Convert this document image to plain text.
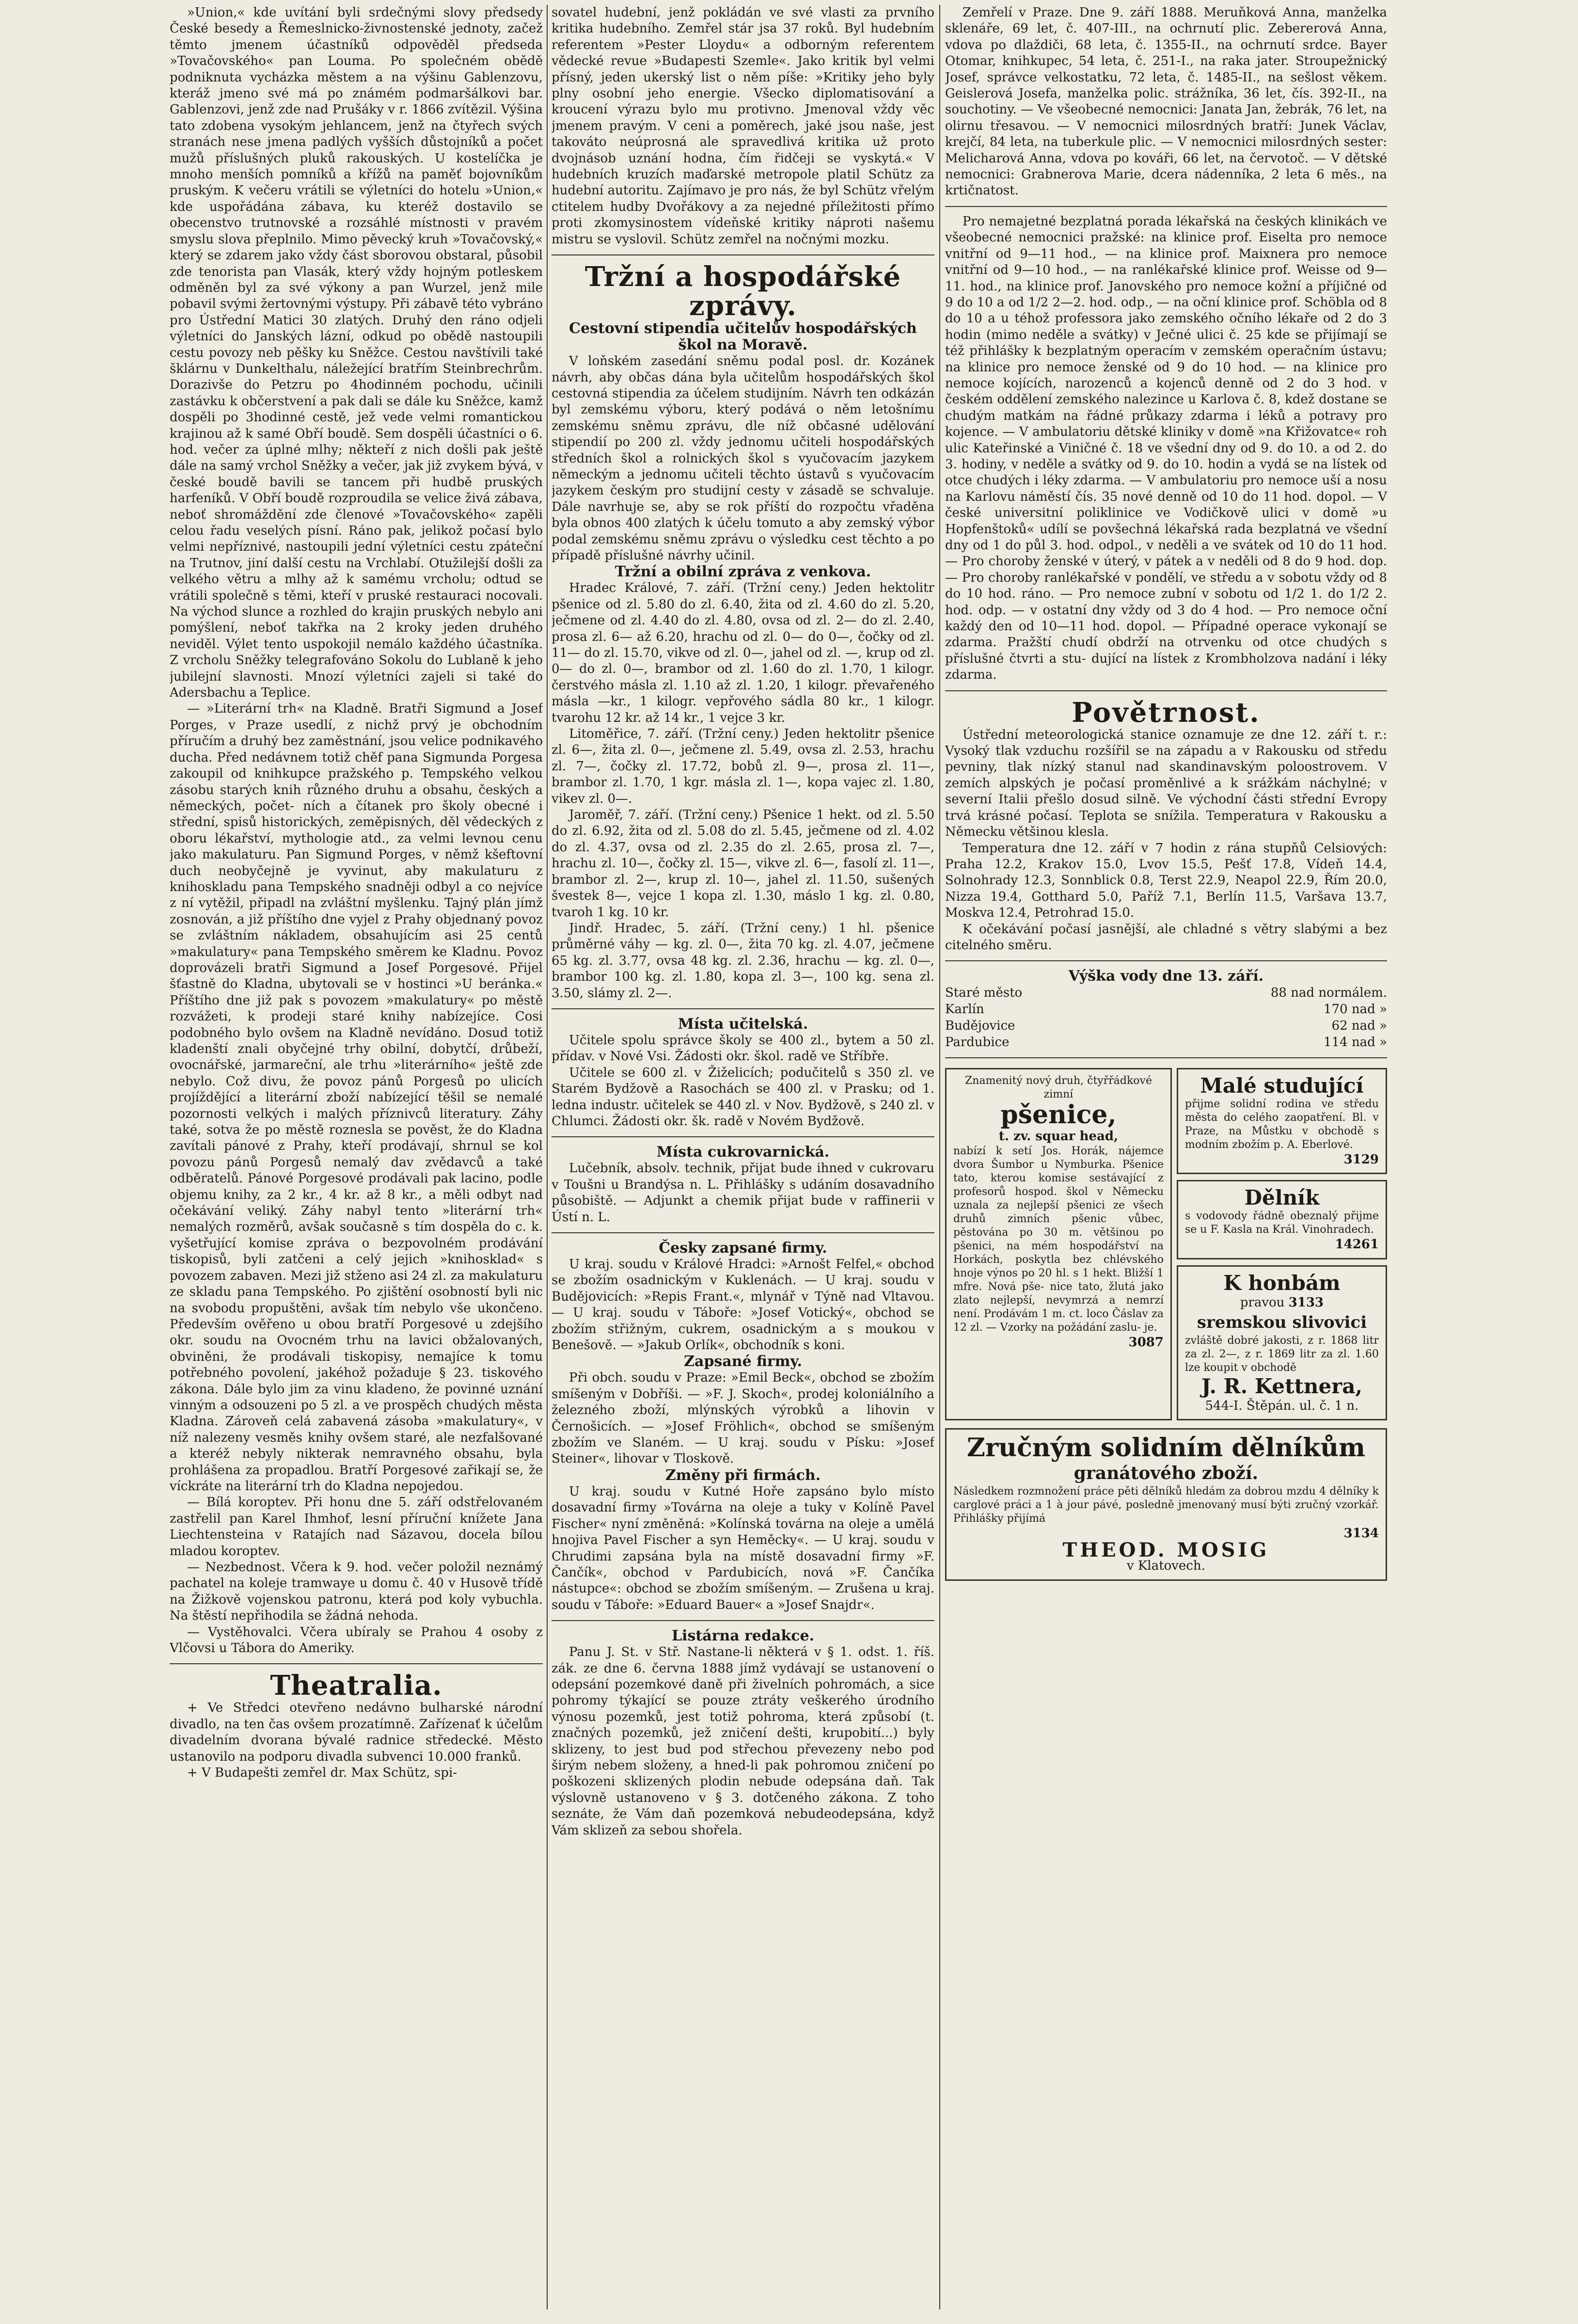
»Union,« kde uvítání byli srdečnými slovy předsedy České besedy a Řemeslnicko-živnostenské jednoty, začež těmto jmenem účastníků odpověděl předseda »Tovačovského« pan Louma. Po společném obědě podniknuta vycházka městem a na výšinu Gablenzovu, kteráž jmeno své má po známém podmaršálkovi bar. Gablenzovi, jenž zde nad Prušáky v r. 1866 zvítězil. Výšina tato zdobena vysokým jehlancem, jenž na čtyřech svých stranách nese jmena padlých vyšších důstojníků a počet mužů příslušných pluků rakouských. U kostelíčka je mnoho menších pomníků a křížů na paměť bojovníkům pruským. K večeru vrátili se výletníci do hotelu »Union,« kde uspořádána zábava, ku kteréž dostavilo se obecenstvo trutnovské a rozsáhlé místnosti v pravém smyslu slova přeplnilo. Mimo pěvecký kruh »Tovačovský,« který se zdarem jako vždy část sborovou obstaral, působil zde tenorista pan Vlasák, který vždy hojným potleskem odměněn byl za své výkony a pan Wurzel, jenž mile pobavil svými žertovnými výstupy. Při zábavě této vybráno pro Ústřední Matici 30 zlatých. Druhý den ráno odjeli výletníci do Janských lázní, odkud po obědě nastoupili cestu povozy neb pěšky ku Sněžce. Cestou navštívili také šklárnu v Dunkelthalu, náležející bratřím Steinbrechrům. Dorazivše do Petzru po 4hodinném pochodu, učinili zastávku k občerstvení a pak dali se dále ku Sněžce, kamž dospěli po 3hodinné cestě, jež vede velmi romantickou krajinou až k samé Obří boudě. Sem dospěli účastníci o 6. hod. večer za úplné mlhy; někteří z nich došli pak ještě dále na samý vrchol Sněžky a večer, jak již zvykem bývá, v české boudě bavili se tancem při hudbě pruských harfeníků. V Obří boudě rozproudila se velice živá zábava, neboť shromáždění zde členové »Tovačovského« zapěli celou řadu veselých písní. Ráno pak, jelikož počasí bylo velmi nepříznivé, nastoupili jední výletníci cestu zpáteční na Trutnov, jiní další cestu na Vrchlabí. Otužilejší došli za velkého větru a mlhy až k samému vrcholu; odtud se vrátili společně s těmi, kteří v pruské restauraci nocovali. Na východ slunce a rozhled do krajin pruských nebylo ani pomýšlení, neboť takřka na 2 kroky jeden druhého neviděl. Výlet tento uspokojil nemálo každého účastníka. Z vrcholu Sněžky telegrafováno Sokolu do Lublaně k jeho jubilejní slavnosti. Mnozí výletníci zajeli si také do Adersbachu a Teplice.

— »Literární trh« na Kladně. Bratři Sigmund a Josef Porges, v Praze usedlí, z nichž prvý je obchodním příručím a druhý bez zaměstnání, jsou velice podnikavého ducha. Před nedávnem totiž chěf pana Sigmunda Porgesa zakoupil od knihkupce pražského p. Tempského velkou zásobu starých knih různého druhu a obsahu, českých a německých, počet- ních a čítanek pro školy obecné i střední, spisů historických, zeměpisných, děl vědeckých z oboru lékařství, mythologie atd., za velmi levnou cenu jako makulaturu. Pan Sigmund Porges, v němž kšeftovní duch neobyčejně je vyvinut, aby makulaturu z knihoskladu pana Tempského snadněji odbyl a co nejvíce z ní vytěžil, připadl na zvláštní myšlenku. Tajný plán jímž zosnován, a již příštího dne vyjel z Prahy objednaný povoz se zvláštním nákladem, obsahujícím asi 25 centů »makulatury« pana Tempského směrem ke Kladnu. Povoz doprovázeli bratři Sigmund a Josef Porgesové. Přijel šťastně do Kladna, ubytovali se v hostinci »U beránka.« Příštího dne již pak s povozem »makulatury« po městě rozvážeti, k prodeji staré knihy nabízejíce. Cosi podobného bylo ovšem na Kladně nevídáno. Dosud totiž kladenští znali obyčejné trhy obilní, dobytčí, drůbeží, ovocnářské, jarmareční, ale trhu »literárního« ještě zde nebylo. Což divu, že povoz pánů Porgesů po ulicích projíždějící a literární zboží nabízející těšil se nemalé pozornosti velkých i malých příznivců literatury. Záhy také, sotva že po městě roznesla se pověst, že do Kladna zavítali pánové z Prahy, kteří prodávají, shrnul se kol povozu pánů Porgesů nemalý dav zvědavců a také odběratelů. Pánové Porgesové prodávali pak lacino, podle objemu knihy, za 2 kr., 4 kr. až 8 kr., a měli odbyt nad očekávání veliký. Záhy nabyl tento »literární trh« nemalých rozměrů, avšak současně s tím dospěla do c. k. vyšetřující komise zpráva o bezpovolném prodávání tiskopisů, byli zatčeni a celý jejich »knihosklad« s povozem zabaven. Mezi již stženo asi 24 zl. za makulaturu ze skladu pana Tempského. Po zjištění osobností byli nic na svobodu propuštěni, avšak tím nebylo vše ukončeno. Především ověřeno u obou bratří Porgesové u zdejšího okr. soudu na Ovocném trhu na lavici obžalovaných, obviněni, že prodávali tiskopisy, nemajíce k tomu potřebného povolení, jakéhož požaduje § 23. tiskového zákona. Dále bylo jim za vinu kladeno, že povinné uznání vinným a odsouzeni po 5 zl. a ve prospěch chudých města Kladna. Zároveň celá zabavená zásoba »makulatury«, v níž nalezeny vesměs knihy ovšem staré, ale nezfalšované a kteréž nebyly nikterak nemravného obsahu, byla prohlášena za propadlou. Bratří Porgesové zařikají se, že víckráte na literární trh do Kladna nepojedou.

— Bílá koroptev. Při honu dne 5. září odstřelovaném zastřelil pan Karel Ihmhof, lesní příruční knížete Jana Liechtensteina v Ratajích nad Sázavou, docela bílou mladou koroptev.

— Nezbednost. Včera k 9. hod. večer položil neznámý pachatel na koleje tramwaye u domu č. 40 v Husově třídě na Žižkově vojenskou patronu, která pod koly vybuchla. Na štěstí nepřihodila se žádná nehoda.

— Vystěhovalci. Včera ubíraly se Prahou 4 osoby z Vlčovsi u Tábora do Ameriky.

Theatralia.

+ Ve Středci otevřeno nedávno bulharské národní divadlo, na ten čas ovšem prozatímně. Zařízenať k účelům divadelním dvorana bývalé radnice středecké. Město ustanovilo na podporu divadla subvenci 10.000 franků.

+ V Budapešti zemřel dr. Max Schütz, spi-

sovatel hudební, jenž pokládán ve své vlasti za prvního kritika hudebního. Zemřel stár jsa 37 roků. Byl hudebním referentem »Pester Lloydu« a odborným referentem vědecké revue »Budapesti Szemle«. Jako kritik byl velmi přísný, jeden ukerský list o něm píše: »Kritiky jeho byly plny osobní jeho energie. Všecko diplomatisování a kroucení výrazu bylo mu protivno. Jmenoval vždy věc jmenem pravým. V ceni a poměrech, jaké jsou naše, jest takováto neúprosná ale spravedlivá kritika už proto dvojnásob uznání hodna, čím řidčeji se vyskytá.« V hudebních kruzích maďarské metropole platil Schütz za hudební autoritu. Zajímavo je pro nás, že byl Schütz vřelým ctitelem hudby Dvořákovy a za nejedné příležitosti přímo proti zkomysinostem vídeňské kritiky náproti našemu mistru se vyslovil. Schütz zemřel na nočnými mozku.

Tržní a hospodářské zprávy.

Cestovní stipendia učitelův hospodářských škol na Moravě.

V loňském zasedání sněmu podal posl. dr. Kozánek návrh, aby občas dána byla učitelům hospodářských škol cestovná stipendia za účelem studijním. Návrh ten odkázán byl zemskému výboru, který podává o něm letošnímu zemskému sněmu zprávu, dle níž občasné udělování stipendií po 200 zl. vždy jednomu učiteli hospodářských středních škol a rolnických škol s vyučovacím jazykem německým a jednomu učiteli těchto ústavů s vyučovacím jazykem českým pro studijní cesty v zásadě se schvaluje. Dále navrhuje se, aby se rok příští do rozpočtu vřaděna byla obnos 400 zlatých k účelu tomuto a aby zemský výbor podal zemskému sněmu zprávu o výsledku cest těchto a po případě příslušné návrhy učinil.

Tržní a obilní zpráva z venkova.

Hradec Králové, 7. září. (Tržní ceny.) Jeden hektolitr pšenice od zl. 5.80 do zl. 6.40, žita od zl. 4.60 do zl. 5.20, ječmene od zl. 4.40 do zl. 4.80, ovsa od zl. 2— do zl. 2.40, prosa zl. 6— až 6.20, hrachu od zl. 0— do 0—, čočky od zl. 11— do zl. 15.70, vikve od zl. 0—, jahel od zl. —, krup od zl. 0— do zl. 0—, brambor od zl. 1.60 do zl. 1.70, 1 kilogr. čerstvého másla zl. 1.10 až zl. 1.20, 1 kilogr. převařeného másla —kr., 1 kilogr. vepřového sádla 80 kr., 1 kilogr. tvarohu 12 kr. až 14 kr., 1 vejce 3 kr.

Litoměřice, 7. září. (Tržní ceny.) Jeden hektolitr pšenice zl. 6—, žita zl. 0—, ječmene zl. 5.49, ovsa zl. 2.53, hrachu zl. 7—, čočky zl. 17.72, bobů zl. 9—, prosa zl. 11—, brambor zl. 1.70, 1 kgr. másla zl. 1—, kopa vajec zl. 1.80, vikev zl. 0—.

Jaroměř, 7. září. (Tržní ceny.) Pšenice 1 hekt. od zl. 5.50 do zl. 6.92, žita od zl. 5.08 do zl. 5.45, ječmene od zl. 4.02 do zl. 4.37, ovsa od zl. 2.35 do zl. 2.65, prosa zl. 7—, hrachu zl. 10—, čočky zl. 15—, vikve zl. 6—, fasolí zl. 11—, brambor zl. 2—, krup zl. 10—, jahel zl. 11.50, sušených švestek 8—, vejce 1 kopa zl. 1.30, máslo 1 kg. zl. 0.80, tvaroh 1 kg. 10 kr.

Jindř. Hradec, 5. září. (Tržní ceny.) 1 hl. pšenice průměrné váhy — kg. zl. 0—, žita 70 kg. zl. 4.07, ječmene 65 kg. zl. 3.77, ovsa 48 kg. zl. 2.36, hrachu — kg. zl. 0—, brambor 100 kg. zl. 1.80, kopa zl. 3—, 100 kg. sena zl. 3.50, slámy zl. 2—.

Místa učitelská.

Učitele spolu správce školy se 400 zl., bytem a 50 zl. přídav. v Nové Vsi. Žádosti okr. škol. radě ve Stříbře.

Učitele se 600 zl. v Žiželicích; podučitelů s 350 zl. ve Starém Bydžově a Rasochách se 400 zl. v Prasku; od 1. ledna industr. učitelek se 440 zl. v Nov. Bydžově, s 240 zl. v Chlumci. Žádosti okr. šk. radě v Novém Bydžově.

Místa cukrovarnická.

Lučebník, absolv. technik, přijat bude ihned v cukrovaru v Toušni u Brandýsa n. L. Přihlášky s udáním dosavadního působiště. — Adjunkt a chemik přijat bude v raffinerii v Ústí n. L.

Česky zapsané firmy.

U kraj. soudu v Králové Hradci: »Arnošt Felfel,« obchod se zbožím osadnickým v Kuklenách. — U kraj. soudu v Budějovicích: »Repis Frant.«, mlynář v Týně nad Vltavou. — U kraj. soudu v Táboře: »Josef Votický«, obchod se zbožím střižným, cukrem, osadnickým a s moukou v Benešově. — »Jakub Orlík«, obchodník s koni.

Zapsané firmy.

Při obch. soudu v Praze: »Emil Beck«, obchod se zbožím smíšeným v Dobříši. — »F. J. Skoch«, prodej koloniálního a železného zboží, mlýnských výrobků a lihovin v Černošicích. — »Josef Fröhlich«, obchod se smíšeným zbožím ve Slaném. — U kraj. soudu v Písku: »Josef Steiner«, lihovar v Tloskově.

Změny při firmách.

U kraj. soudu v Kutné Hoře zapsáno bylo místo dosavadní firmy »Továrna na oleje a tuky v Kolíně Pavel Fischer« nyní změněná: »Kolínská továrna na oleje a umělá hnojiva Pavel Fischer a syn Heměcky«. — U kraj. soudu v Chrudimi zapsána byla na místě dosavadní firmy »F. Čančík«, obchod v Pardubicích, nová »F. Čančíka nástupce«: obchod se zbožím smíšeným. — Zrušena u kraj. soudu v Táboře: »Eduard Bauer« a »Josef Snajdr«.

Listárna redakce.

Panu J. St. v Stř. Nastane-li některá v § 1. odst. 1. říš. zák. ze dne 6. června 1888 jímž vydávají se ustanovení o odepsání pozemkové daně při živelních pohromách, a sice pohromy týkající se pouze ztráty veškerého úrodního výnosu pozemků, jest totiž pohroma, která způsobí (t. značných pozemků, jež zničení dešti, krupobití...) byly sklizeny, to jest bud pod střechou převezeny nebo pod širým nebem složeny, a hned-li pak pohromou zničení po poškozeni sklizených plodin nebude odepsána daň. Tak výslovně ustanoveno v § 3. dotčeného zákona. Z toho seznáte, že Vám daň pozemková nebudeodepsána, když Vám sklizeň za sebou shořela.

Zemřelí v Praze. Dne 9. září 1888. Meruňková Anna, manželka sklenáře, 69 let, č. 407-III., na ochrnutí plic. Zebererová Anna, vdova po dlaždiči, 68 leta, č. 1355-II., na ochrnutí srdce. Bayer Otomar, knihkupec, 54 leta, č. 251-I., na raka jater. Stroupežnický Josef, správce velkostatku, 72 leta, č. 1485-II., na sešlost věkem. Geislerová Josefa, manželka polic. strážníka, 36 let, čís. 392-II., na souchotiny. — Ve všeobecné nemocnici: Janata Jan, žebrák, 76 let, na olirnu třesavou. — V nemocnici milosrdných bratří: Junek Václav, krejčí, 84 leta, na tuberkule plic. — V nemocnici milosrdných sester: Melicharová Anna, vdova po kováři, 66 let, na červotoč. — V dětské nemocnici: Grabnerova Marie, dcera nádenníka, 2 leta 6 měs., na krtičnatost.

Pro nemajetné bezplatná porada lékařská na českých klinikách ve všeobecné nemocnici pražské: na klinice prof. Eiselta pro nemoce vnitřní od 9—11 hod., — na klinice prof. Maixnera pro nemoce vnitřní od 9—10 hod., — na ranlékařské klinice prof. Weisse od 9—11. hod., na klinice prof. Janovského pro nemoce kožní a příjičné od 9 do 10 a od 1/2 2—2. hod. odp., — na oční klinice prof. Schöbla od 8 do 10 a u téhož professora jako zemského očního lékaře od 2 do 3 hodin (mimo neděle a svátky) v Ječné ulici č. 25 kde se přijímají se též přihlášky k bezplatným operacím v zemském operačním ústavu; na klinice pro nemoce ženské od 9 do 10 hod. — na klinice pro nemoce kojících, narozenců a kojenců denně od 2 do 3 hod. v českém oddělení zemského nalezince u Karlova č. 8, kdež dostane se chudým matkám na řádné průkazy zdarma i léků a potravy pro kojence. — V ambulatoriu dětské kliniky v domě »na Křižovatce« roh ulic Kateřinské a Viničné č. 18 ve všední dny od 9. do 10. a od 2. do 3. hodiny, v neděle a svátky od 9. do 10. hodin a vydá se na lístek od otce chudých i léky zdarma. — V ambulatoriu pro nemoce uší a nosu na Karlovu náměstí čís. 35 nové denně od 10 do 11 hod. dopol. — V české universitní poliklinice ve Vodičkově ulici v domě »u Hopfenštoků« udílí se povšechná lékařská rada bezplatná ve všední dny od 1 do půl 3. hod. odpol., v neděli a ve svátek od 10 do 11 hod. — Pro choroby ženské v úterý, v pátek a v neděli od 8 do 9 hod. dop. — Pro choroby ranlékařské v pondělí, ve středu a v sobotu vždy od 8 do 10 hod. ráno. — Pro nemoce zubní v sobotu od 1/2 1. do 1/2 2. hod. odp. — v ostatní dny vždy od 3 do 4 hod. — Pro nemoce oční každý den od 10—11 hod. dopol. — Případné operace vykonají se zdarma. Pražští chudí obdrží na otrvenku od otce chudých s příslušné čtvrti a stu- dující na lístek z Krombholzova nadání i léky zdarma.

Povětrnost.

Ústřední meteorologická stanice oznamuje ze dne 12. září t. r.: Vysoký tlak vzduchu rozšířil se na západu a v Rakousku od středu pevniny, tlak nízký stanul nad skandinavským poloostrovem. V zemích alpských je počasí proměnlivé a k srážkám náchylné; v severní Italii přešlo dosud silně. Ve východní části střední Evropy trvá krásné počasí. Teplota se snížila. Temperatura v Rakousku a Německu většinou klesla.

Temperatura dne 12. září v 7 hodin z rána stupňů Celsiových: Praha 12.2, Krakov 15.0, Lvov 15.5, Pešť 17.8, Vídeň 14.4, Solnohrady 12.3, Sonnblick 0.8, Terst 22.9, Neapol 22.9, Řím 20.0, Nizza 19.4, Gotthard 5.0, Paříž 7.1, Berlín 11.5, Varšava 13.7, Moskva 12.4, Petrohrad 15.0.

K očekávání počasí jasnější, ale chladné s větry slabými a bez citelného směru.

Výška vody dne 13. září.

Staré město	88 nad normálem.
Karlín	170 nad »
Budějovice	62 nad »
Pardubice	114 nad »

Znamenitý nový druh, čtyřřádkové zimní

pšenice,

t. zv. squar head,

nabízí k setí Jos. Horák, nájemce dvora Šumbor u Nymburka. Pšenice tato, kterou komise sestávající z profesorů hospod. škol v Německu uznala za nejlepší pšenici ze všech druhů zimních pšenic vůbec, pěstována po 30 m. většinou po pšenici, na mém hospodářství na Horkách, poskytla bez chlévského hnoje výnos po 20 hl. s 1 hekt. Bližší 1 mfre. Nová pše- nice tato, žlutá jako zlato nejlepší, nevymrzá a nemrzí není. Prodávám 1 m. ct. loco Čáslav za 12 zl. — Vzorky na požádání zaslu- je.

3087

Malé studující

přijme solidní rodina ve středu města do celého zaopatření. Bl. v Praze, na Můstku v obchodě s modním zbožím p. A. Eberlové.

3129

Dělník

s vodovody řádně obeznalý přijme se u F. Kasla na Král. Vinohradech.

14261

K honbám

pravou 3133

sremskou slivovici

zvláště dobré jakosti, z r. 1868 litr za zl. 2—, z r. 1869 litr za zl. 1.60 lze koupit v obchodě

J. R. Kettnera,

544-I. Štěpán. ul. č. 1 n.

Zručným solidním dělníkům

granátového zboží.

Následkem rozmnožení práce pěti dělníků hledám za dobrou mzdu 4 dělníky k carglové práci a 1 à jour pávé, posledně jmenovaný musí býti zručný vzorkář. Přihlášky přijímá

3134

THEOD. MOSIG

v Klatovech.
